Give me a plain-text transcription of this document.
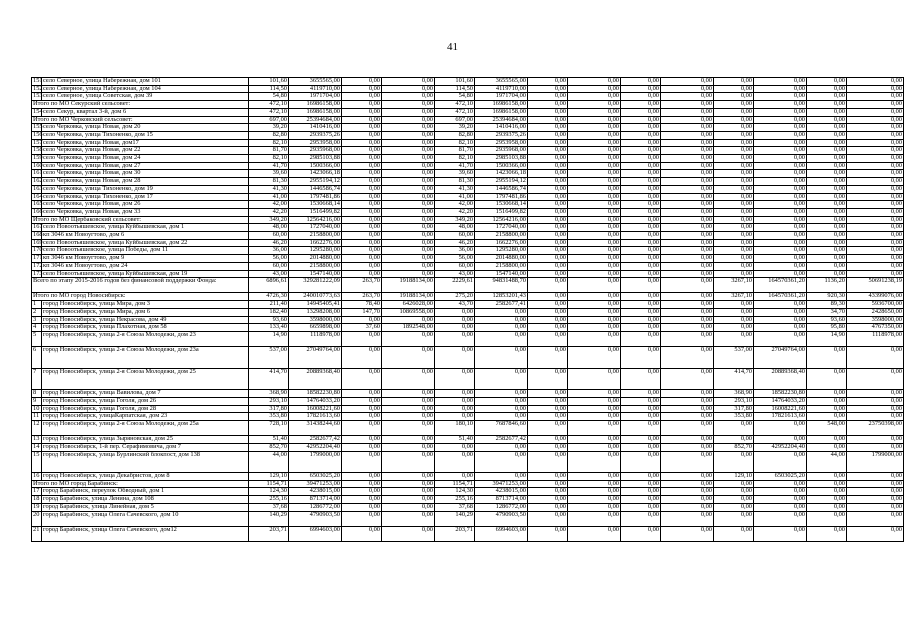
41
151	село Северное, улица Набережная, дом 101	101,60	3655565,00	0,00	0,00	101,60	3655565,00	0,00	0,00	0,00	0,00	0,00	0,00	0,00	0,00
152	село Северное, улица Набережная, дом 104	114,50	4119710,00	0,00	0,00	114,50	4119710,00	0,00	0,00	0,00	0,00	0,00	0,00	0,00	0,00
153	село Северное, улица Советская, дом 39	54,80	1971704,00	0,00	0,00	54,80	1971704,00	0,00	0,00	0,00	0,00	0,00	0,00	0,00	0,00
Итого по МО Секурский сельсовет:		472,10	16986158,00	0,00	0,00	472,10	16986158,00	0,00	0,00	0,00	0,00	0,00	0,00	0,00	0,00
154	село Секур, квартал 3-й, дом 6	472,10	16986158,00	0,00	0,00	472,10	16986158,00	0,00	0,00	0,00	0,00	0,00	0,00	0,00	0,00
Итого по МО Черковский сельсовет:		697,00	25394684,00	0,00	0,00	697,00	25394684,00	0,00	0,00	0,00	0,00	0,00	0,00	0,00	0,00
155	село Черковка, улица Новая, дом 20	39,20	1410416,00	0,00	0,00	39,20	1410416,00	0,00	0,00	0,00	0,00	0,00	0,00	0,00	0,00
156	село Черковка, улица Тихоненко, дом 15	82,80	2939375,26	0,00	0,00	82,80	2939375,26	0,00	0,00	0,00	0,00	0,00	0,00	0,00	0,00
157	село Черковка, улица Новая, дом17	82,10	2953958,00	0,00	0,00	82,10	2953958,00	0,00	0,00	0,00	0,00	0,00	0,00	0,00	0,00
158	село Черковка, улица Новая, дом 22	81,70	2935968,00	0,00	0,00	81,70	2935968,00	0,00	0,00	0,00	0,00	0,00	0,00	0,00	0,00
159	село Черковка, улица Новая, дом 24	82,10	2985103,88	0,00	0,00	82,10	2985103,88	0,00	0,00	0,00	0,00	0,00	0,00	0,00	0,00
160	село Черковка, улица Новая, дом 27	41,70	1500366,00	0,00	0,00	41,70	1500366,00	0,00	0,00	0,00	0,00	0,00	0,00	0,00	0,00
161	село Черковка, улица Новая, дом 30	39,60	1423066,18	0,00	0,00	39,60	1423066,18	0,00	0,00	0,00	0,00	0,00	0,00	0,00	0,00
162	село Черковка, улица Новая, дом 28	81,30	2955194,12	0,00	0,00	81,30	2955194,12	0,00	0,00	0,00	0,00	0,00	0,00	0,00	0,00
163	село Черковка, улица Тихоненко, дом 19	41,30	1446586,74	0,00	0,00	41,30	1446586,74	0,00	0,00	0,00	0,00	0,00	0,00	0,00	0,00
164	село Черковка, улица Тихоненко, дом 17	41,00	1797481,86	0,00	0,00	41,00	1797481,86	0,00	0,00	0,00	0,00	0,00	0,00	0,00	0,00
165	село Черковка, улица Новая, дом 26	42,00	1530668,14	0,00	0,00	42,00	1530668,14	0,00	0,00	0,00	0,00	0,00	0,00	0,00	0,00
166	село Черковка, улица Новая, дом 33	42,20	1516499,82	0,00	0,00	42,20	1516499,82	0,00	0,00	0,00	0,00	0,00	0,00	0,00	0,00
Итого по МО Щербаковский сельсовет:		349,20	12564216,00	0,00	0,00	349,20	12564216,00	0,00	0,00	0,00	0,00	0,00	0,00	0,00	0,00
167	село Новоотьяшевское, улица Куйбышевская, дом 1	48,00	1727040,00	0,00	0,00	48,00	1727040,00	0,00	0,00	0,00	0,00	0,00	0,00	0,00	0,00
168	кп 3046 км Новоугтово, дом 6	60,00	2158800,00	0,00	0,00	60,00	2158800,00	0,00	0,00	0,00	0,00	0,00	0,00	0,00	0,00
169	село Новоотьяшевское, улица Куйбышевская, дом 22	46,20	1662276,00	0,00	0,00	46,20	1662276,00	0,00	0,00	0,00	0,00	0,00	0,00	0,00	0,00
170	село Новоотьяшевское, улица Победы, дом 11	36,00	1295280,00	0,00	0,00	36,00	1295280,00	0,00	0,00	0,00	0,00	0,00	0,00	0,00	0,00
171	кп 3046 км Новоугтово, дом 9	56,00	2014880,00	0,00	0,00	56,00	2014880,00	0,00	0,00	0,00	0,00	0,00	0,00	0,00	0,00
172	кп 3046 км Новоугтово, дом 24	60,00	2158800,00	0,00	0,00	60,00	2158800,00	0,00	0,00	0,00	0,00	0,00	0,00	0,00	0,00
173	село Новоотьяшевское, улица Куйбышевская, дом 19	43,00	1547140,00	0,00	0,00	43,00	1547140,00	0,00	0,00	0,00	0,00	0,00	0,00	0,00	0,00
Всего по этапу 2015-2016 годов без финансовой поддержки Фонда:		6896,61	329281222,09	263,70	19188134,00	2229,61	94831488,70	0,00	0,00	0,00	0,00	3267,10	164570361,20	1136,20	50691238,19
Итого по МО город Новосибирск:		4726,30	240010773,63	263,70	19188134,00	275,20	12853201,43	0,00	0,00	0,00	0,00	3267,10	164570361,20	920,30	43399076,00
1	город Новосибирск, улица Мира, дом 3	211,40	14945405,41	78,40	6426028,00	43,70	2582677,41	0,00	0,00	0,00	0,00	0,00	0,00	89,30	5936700,00
2	город Новосибирск, улица Мира, дом 6	182,40	13298208,00	147,70	10869558,00	0,00	0,00	0,00	0,00	0,00	0,00	0,00	0,00	34,70	2428650,00
3	город Новосибирск, улица Некрасова, дом 49	93,60	3598000,00	0,00	0,00	0,00	0,00	0,00	0,00	0,00	0,00	0,00	0,00	93,60	3598000,00
4	город Новосибирск, улица Плахотная, дом 58	133,40	6659898,00	37,60	1892548,00	0,00	0,00	0,00	0,00	0,00	0,00	0,00	0,00	95,80	4767350,00
5	город Новосибирск, улица 2-я Союза Молодежи, дом 23	14,90	1118978,00	0,00	0,00	0,00	0,00	0,00	0,00	0,00	0,00	0,00	0,00	14,90	1118978,00
6	город Новосибирск, улица 2-я Союза Молодежи, дом 23а	537,00	27049764,00	0,00	0,00	0,00	0,00	0,00	0,00	0,00	0,00	537,00	27049764,00	0,00	0,00
7	город Новосибирск, улица 2-я Союза Молодежи, дом 25	414,70	20889368,40	0,00	0,00	0,00	0,00	0,00	0,00	0,00	0,00	414,70	20889368,40	0,00	0,00
8	город Новосибирск, улица Вавилова, дом 7	368,90	18582230,80	0,00	0,00	0,00	0,00	0,00	0,00	0,00	0,00	368,90	18582230,80	0,00	0,00
9	город Новосибирск, улица Гоголя, дом 26	293,10	14764033,20	0,00	0,00	0,00	0,00	0,00	0,00	0,00	0,00	293,10	14764033,20	0,00	0,00
10	город Новосибирск, улица Гоголя, дом 28	317,80	16008221,60	0,00	0,00	0,00	0,00	0,00	0,00	0,00	0,00	317,80	16008221,60	0,00	0,00
11	город Новосибирск, улицаКарпатская, дом 23	353,80	17821613,60	0,00	0,00	0,00	0,00	0,00	0,00	0,00	0,00	353,80	17821613,60	0,00	0,00
12	город Новосибирск, улица 2-я Союза Молодежи, дом 25а	728,10	31438244,60	0,00	0,00	180,10	7687846,60	0,00	0,00	0,00	0,00	0,00	0,00	548,00	23750398,00
13	город Новосибирск, улица Зыряновская, дом 25	51,40	2582677,42	0,00	0,00	51,40	2582677,42	0,00	0,00	0,00	0,00	0,00	0,00	0,00	0,00
14	город Новосибирск, 1-й пер. Серафимовича, дом 7	852,70	42952204,40	0,00	0,00	0,00	0,00	0,00	0,00	0,00	0,00	852,70	42952204,40	0,00	0,00
15	город Новосибирск, улица Бурлинский блокпост, дом 138	44,00	1799000,00	0,00	0,00	0,00	0,00	0,00	0,00	0,00	0,00	0,00	0,00	44,00	1799000,00
16	город Новосибирск, улица Декабристов, дом 8	129,10	6503025,20	0,00	0,00	0,00	0,00	0,00	0,00	0,00	0,00	129,10	6503025,20	0,00	0,00
Итого по МО город Барабинск:		1154,71	39471253,00	0,00	0,00	1154,71	39471253,00	0,00	0,00	0,00	0,00	0,00	0,00	0,00	0,00
17	город Барабинск, переулок Обводный, дом 1	124,30	4238015,00	0,00	0,00	124,30	4238015,00	0,00	0,00	0,00	0,00	0,00	0,00	0,00	0,00
18	город Барабинск, улица Ленина, дом 108	255,16	8713714,00	0,00	0,00	255,16	8713714,00	0,00	0,00	0,00	0,00	0,00	0,00	0,00	0,00
19	город Барабинск, улица Линейная, дом 5	37,68	1286772,00	0,00	0,00	37,68	1286772,00	0,00	0,00	0,00	0,00	0,00	0,00	0,00	0,00
20	город Барабинск, улица Олега Сачевского, дом 10	140,29	4790903,50	0,00	0,00	140,29	4790903,50	0,00	0,00	0,00	0,00	0,00	0,00	0,00	0,00
21	город Барабинск, улица Олега Сачевского, дом12	203,71	6994603,00	0,00	0,00	203,71	6994603,00	0,00	0,00	0,00	0,00	0,00	0,00	0,00	0,00
